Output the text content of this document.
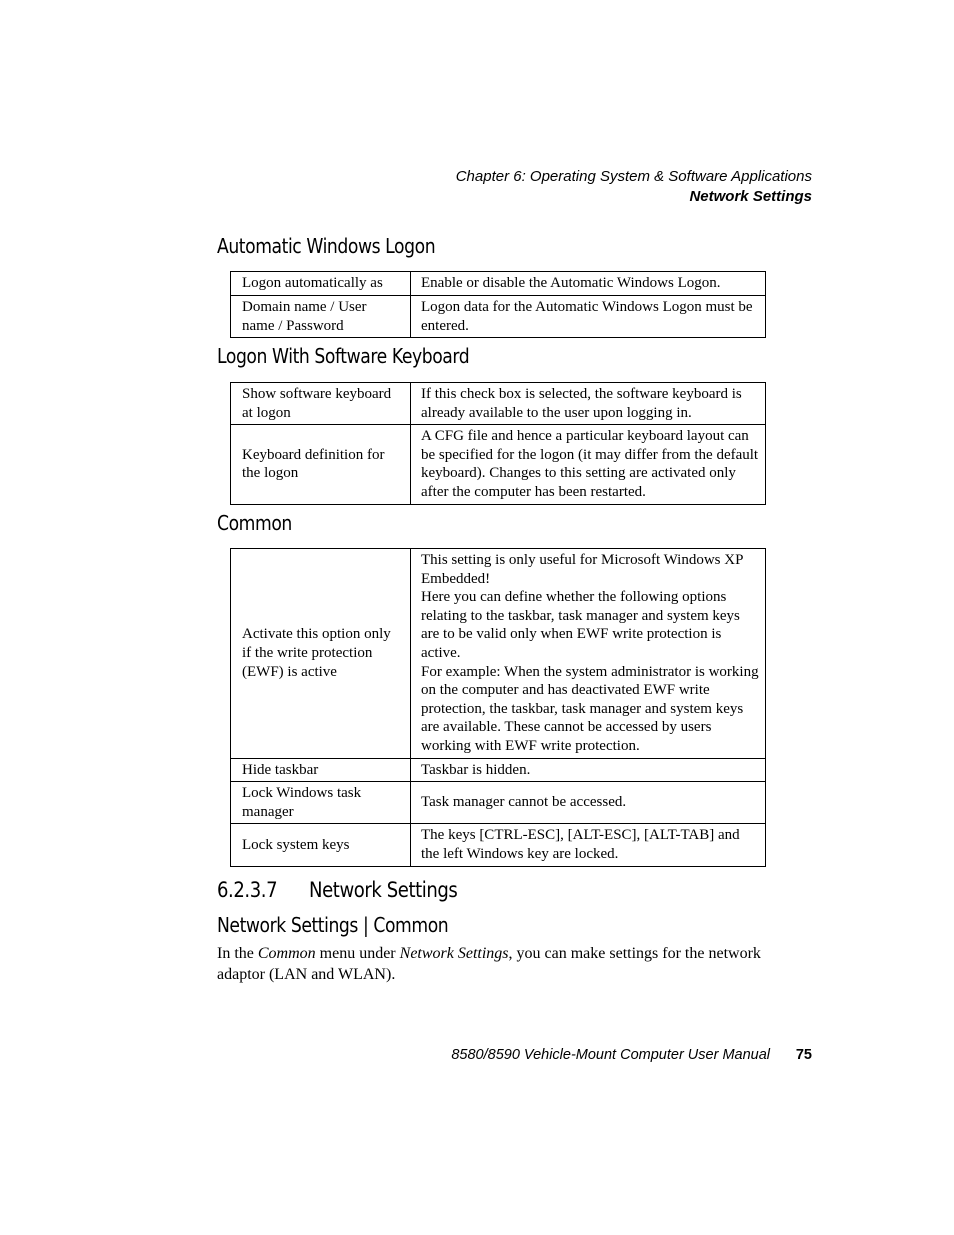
Chapter 6: Operating System & Software Applications
Network Settings
Automatic Windows Logon
Logon automatically as	Enable or disable the Automatic Windows Logon.
Domain name / User name / Password	Logon data for the Automatic Windows Logon must be entered.
Logon With Software Keyboard
Show software keyboard at logon	If this check box is selected, the software keyboard is already available to the user upon logging in.
Keyboard definition for the logon	A CFG file and hence a particular keyboard layout can be specified for the logon (it may differ from the default keyboard). Changes to this setting are activated only after the computer has been restarted.
Common
Activate this option only if the write protection (EWF) is active	This setting is only useful for Microsoft Windows XP Embedded!
Here you can define whether the following options relating to the taskbar, task manager and system keys are to be valid only when EWF write protection is active.
For example: When the system administrator is working on the computer and has deactivated EWF write protection, the taskbar, task manager and system keys are available. These cannot be accessed by users working with EWF write protection.
Hide taskbar	Taskbar is hidden.
Lock Windows task manager	Task manager cannot be accessed.
Lock system keys	The keys [CTRL-ESC], [ALT-ESC], [ALT-TAB] and the left Windows key are locked.
6.2.3.7      Network Settings
Network Settings | Common
In the Common menu under Network Settings, you can make settings for the network adaptor (LAN and WLAN).
8580/8590 Vehicle-Mount Computer User Manual 75
